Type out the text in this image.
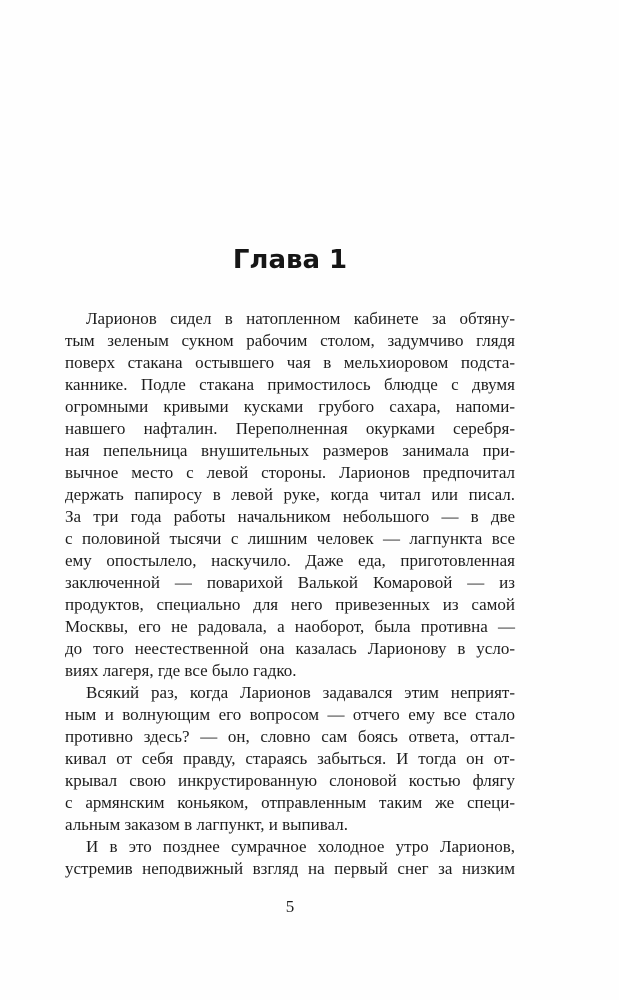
Глава 1

Ларионов сидел в натопленном кабинете за обтяну-
тым зеленым сукном рабочим столом, задумчиво глядя
поверх стакана остывшего чая в мельхиоровом подста-
каннике. Подле стакана примостилось блюдце с двумя
огромными кривыми кусками грубого сахара, напоми-
навшего нафталин. Переполненная окурками серебря-
ная пепельница внушительных размеров занимала при-
вычное место с левой стороны. Ларионов предпочитал
держать папиросу в левой руке, когда читал или писал.
За три года работы начальником небольшого — в две
с половиной тысячи с лишним человек — лагпункта все
ему опостылело, наскучило. Даже еда, приготовленная
заключенной — поварихой Валькой Комаровой — из
продуктов, специально для него привезенных из самой
Москвы, его не радовала, а наоборот, была противна —
до того неестественной она казалась Ларионову в усло-
виях лагеря, где все было гадко.

Всякий раз, когда Ларионов задавался этим неприят-
ным и волнующим его вопросом — отчего ему все стало
противно здесь? — он, словно сам боясь ответа, оттал-
кивал от себя правду, стараясь забыться. И тогда он от-
крывал свою инкрустированную слоновой костью флягу
с армянским коньяком, отправленным таким же специ-
альным заказом в лагпункт, и выпивал.

И в это позднее сумрачное холодное утро Ларионов,
устремив неподвижный взгляд на первый снег за низким

5
